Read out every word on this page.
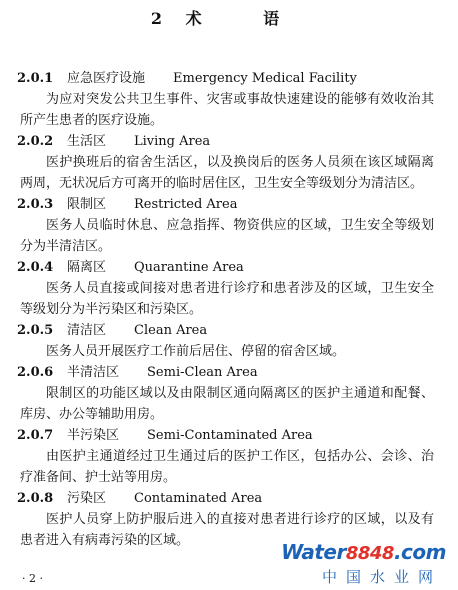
2 术 语
2.0.1 应急医疗设施 Emergency Medical Facility

为应对突发公共卫生事件、灾害或事故快速建设的能够有效收治其所产生患者的医疗设施。

2.0.2 生活区 Living Area

医护换班后的宿舍生活区，以及换岗后的医务人员须在该区域隔离两周，无状况后方可离开的临时居住区，卫生安全等级划分为清洁区。

2.0.3 限制区 Restricted Area

医务人员临时休息、应急指挥、物资供应的区域，卫生安全等级划分为半清洁区。

2.0.4 隔离区 Quarantine Area

医务人员直接或间接对患者进行诊疗和患者涉及的区域，卫生安全等级划分为半污染区和污染区。

2.0.5 清洁区 Clean Area

医务人员开展医疗工作前后居住、停留的宿舍区域。

2.0.6 半清洁区 Semi-Clean Area

限制区的功能区域以及由限制区通向隔离区的医护主通道和配餐、库房、办公等辅助用房。

2.0.7 半污染区 Semi-Contaminated Area

由医护主通道经过卫生通过后的医护工作区，包括办公、会诊、治疗准备间、护士站等用房。

2.0.8 污染区 Contaminated Area

医护人员穿上防护服后进入的直接对患者进行诊疗的区域，以及有患者进入有病毒污染的区域。

· 2 ·
Water8848.com
中国水业网
